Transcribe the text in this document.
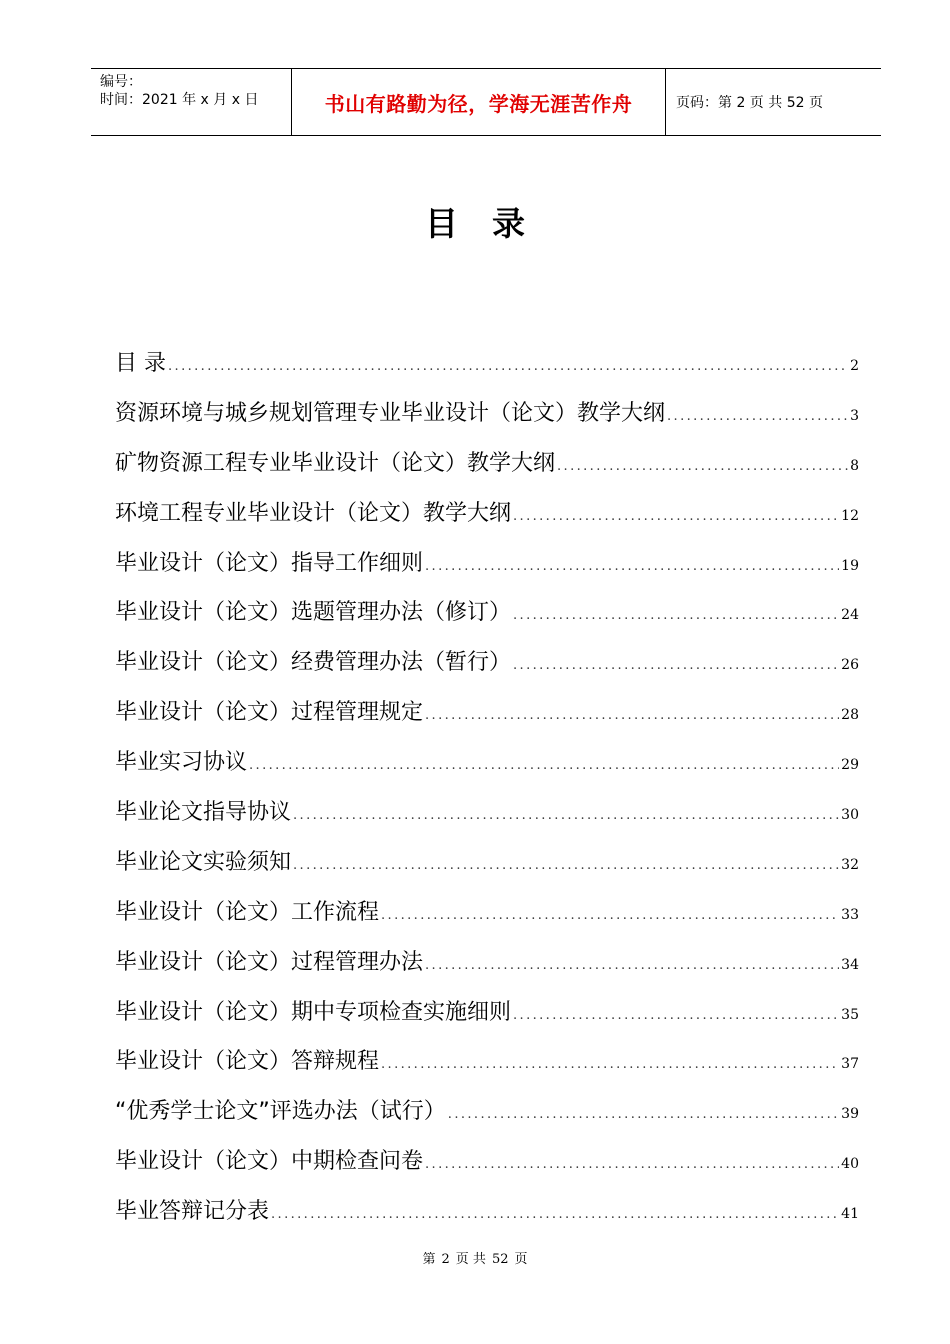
编号：
时间：2021 年 x 月 x 日	书山有路勤为径，学海无涯苦作舟	页码：第 2 页 共 52 页
目录
目 录 .....	2
资源环境与城乡规划管理专业毕业设计（论文）教学大纲 .....	3
矿物资源工程专业毕业设计（论文）教学大纲 .....	8
环境工程专业毕业设计（论文）教学大纲 .....	12
毕业设计（论文）指导工作细则 .....	19
毕业设计（论文）选题管理办法（修订） .....	24
毕业设计（论文）经费管理办法（暂行） .....	26
毕业设计（论文）过程管理规定 .....	28
毕业实习协议 .....	29
毕业论文指导协议 .....	30
毕业论文实验须知 .....	32
毕业设计（论文）工作流程 .....	33
毕业设计（论文）过程管理办法 .....	34
毕业设计（论文）期中专项检查实施细则 .....	35
毕业设计（论文）答辩规程 .....	37
“优秀学士论文”评选办法（试行） .....	39
毕业设计（论文）中期检查问卷 .....	40
毕业答辩记分表 .....	41
第 2 页 共 52 页
